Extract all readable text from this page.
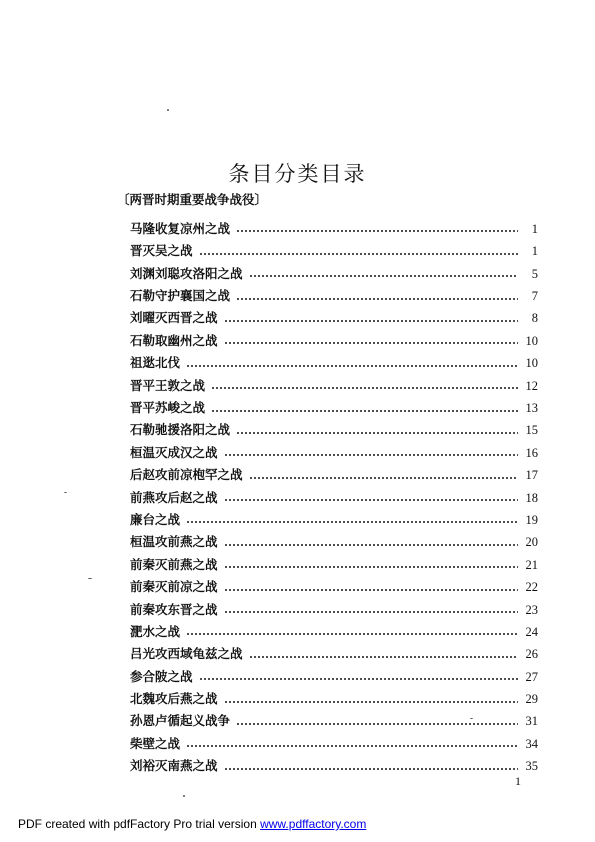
条目分类目录
〔两晋时期重要战争战役〕
马隆收复凉州之战	1
晋灭吴之战	1
刘渊刘聪攻洛阳之战	5
石勒守护襄国之战	7
刘曜灭西晋之战	8
石勒取幽州之战	10
祖逖北伐	10
晋平王敦之战	12
晋平苏峻之战	13
石勒驰援洛阳之战	15
桓温灭成汉之战	16
后赵攻前凉枹罕之战	17
前燕攻后赵之战	18
廉台之战	19
桓温攻前燕之战	20
前秦灭前燕之战	21
前秦灭前凉之战	22
前秦攻东晋之战	23
淝水之战	24
吕光攻西域龟兹之战	26
参合陂之战	27
北魏攻后燕之战	29
孙恩卢循起义战争	31
柴壁之战	34
刘裕灭南燕之战	35
1
PDF created with pdfFactory Pro trial version www.pdffactory.com
